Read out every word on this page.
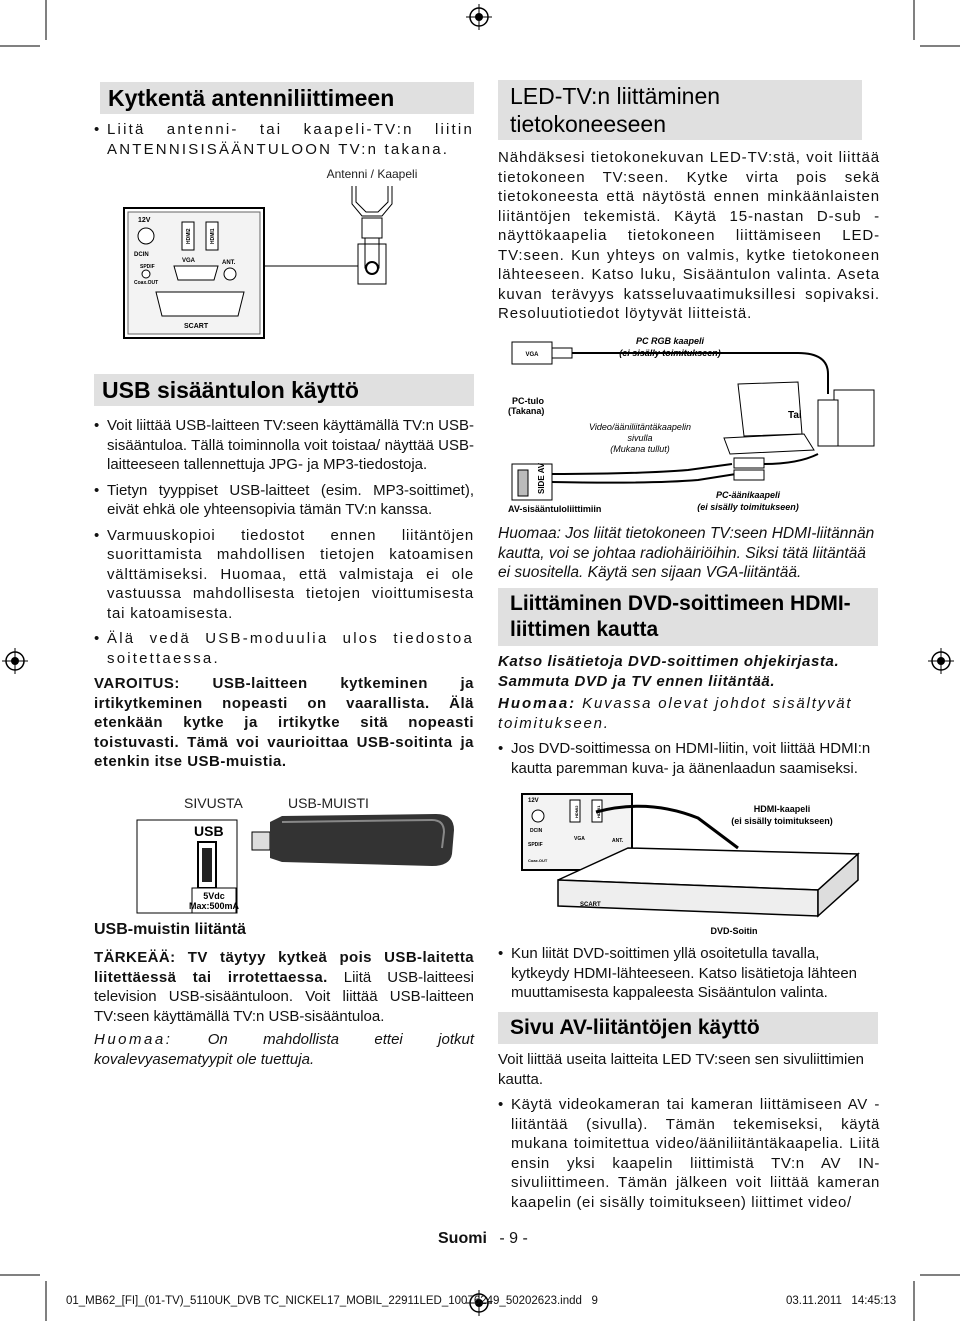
Kytkentä antenniliittimeen

• Liitä antenni- tai kaapeli-TV:n liitin ANTENNISISÄÄNTULOON TV:n takana.

Antenni / Kaapeli
12V
DCIN
HDMI2	HDMI1
VGA
SPDIF
Coax.OUT
ANT.
SCART
USB sisääntulon käyttö

• Voit liittää USB-laitteen TV:seen käyttämällä TV:n USB-sisääntuloa. Tällä toiminnolla voit toistaa/ näyttää USB-laitteeseen tallennettuja JPG- ja MP3-tiedostoja.

• Tietyn tyyppiset USB-laitteet (esim. MP3-soittimet), eivät ehkä ole yhteensopivia tämän TV:n kanssa.

• Varmuuskopioi tiedostot ennen liitäntöjen suorittamista mahdollisen tietojen katoamisen välttämiseksi. Huomaa, että valmistaja ei ole vastuussa mahdollisesta tietojen vioittumisesta tai katoamisesta.

• Älä vedä USB-moduulia ulos tiedostoa soitettaessa.

VAROITUS: USB-laitteen kytkeminen ja irtikytkeminen nopeasti on vaarallista. Älä etenkään kytke ja irtikytke sitä nopeasti toistuvasti. Tämä voi vaurioittaa USB-soitinta ja etenkin itse USB-muistia.

SIVUSTA	USB-MUISTI
USB
5Vdc
Max:500mA
USB-muistin liitäntä

TÄRKEÄÄ: TV täytyy kytkeä pois USB-laitetta liitettäessä tai irrotettaessa. Liitä USB-laitteesi television USB-sisääntuloon. Voit liittää USB-laitteen TV:seen käyttämällä TV:n USB-sisääntuloa.

Huomaa: On mahdollista ettei jotkut kovalevyasematyypit ole tuettuja.

LED-TV:n liittäminen tietokoneeseen

Nähdäksesi tietokonekuvan LED-TV:stä, voit liittää tietokoneen TV:seen. Kytke virta pois sekä tietokoneesta että näytöstä ennen minkäänlaisten liitäntöjen tekemistä. Käytä 15-nastan D-sub -näyttökaapelia tietokoneen liittämiseen LED-TV:seen. Kun yhteys on valmis, kytke tietokoneen lähteeseen. Katso luku, Sisääntulon valinta. Aseta kuvan terävyys katsseluvaatimuksillesi sopivaksi. Resoluutiotiedot löytyvät liitteistä.

VGA
PC RGB kaapeli
(ei sisälly toimitukseen)
PC-tulo
(Takana)
Video/ääniliitäntäkaapelin
sivulla
(Mukana tullut)
Tai
SIDE AV
AV-sisääntuloliittimiin
PC-äänikaapeli
(ei sisälly toimitukseen)

Huomaa: Jos liität tietokoneen TV:seen HDMI-liitännän kautta, voi se johtaa radiohäiriöihin. Siksi tätä liitäntää ei suositella. Käytä sen sijaan VGA-liitäntää.

Liittäminen DVD-soittimeen HDMI-liittimen kautta

Katso lisätietoja DVD-soittimen ohjekirjasta. Sammuta DVD ja TV ennen liitäntää.

Huomaa: Kuvassa olevat johdot sisältyvät toimitukseen.

• Jos DVD-soittimessa on HDMI-liitin, voit liittää HDMI:n kautta paremman kuva- ja äänenlaadun saamiseksi.

12V
DCIN
HDMI2	HDMI1
VGA
SPDIF
Coax.OUT
ANT.
HDMI-kaapeli
(ei sisälly toimitukseen)
SCART
DVD-Soitin

• Kun liität DVD-soittimen yllä osoitetulla tavalla, kytkeydy HDMI-lähteeseen. Katso lisätietoja lähteen muuttamisesta kappaleesta Sisääntulon valinta.

Sivu AV-liitäntöjen käyttö

Voit liittää useita laitteita LED TV:seen sen sivuliittimien kautta.

• Käytä videokameran tai kameran liittämiseen AV -liitäntää (sivulla). Tämän tekemiseksi, käytä mukana toimitettua video/ääniliitäntäkaapelia. Liitä ensin yksi kaapelin liittimistä TV:n AV IN-sivuliittimeen. Tämän jälkeen voit liittää kameran kaapelin (ei sisälly toimitukseen) liittimet video/

Suomi - 9 -
01_MB62_[FI]_(01-TV)_5110UK_DVB TC_NICKEL17_MOBIL_22911LED_10076249_50202623.indd   9	03.11.2011   14:45:13
